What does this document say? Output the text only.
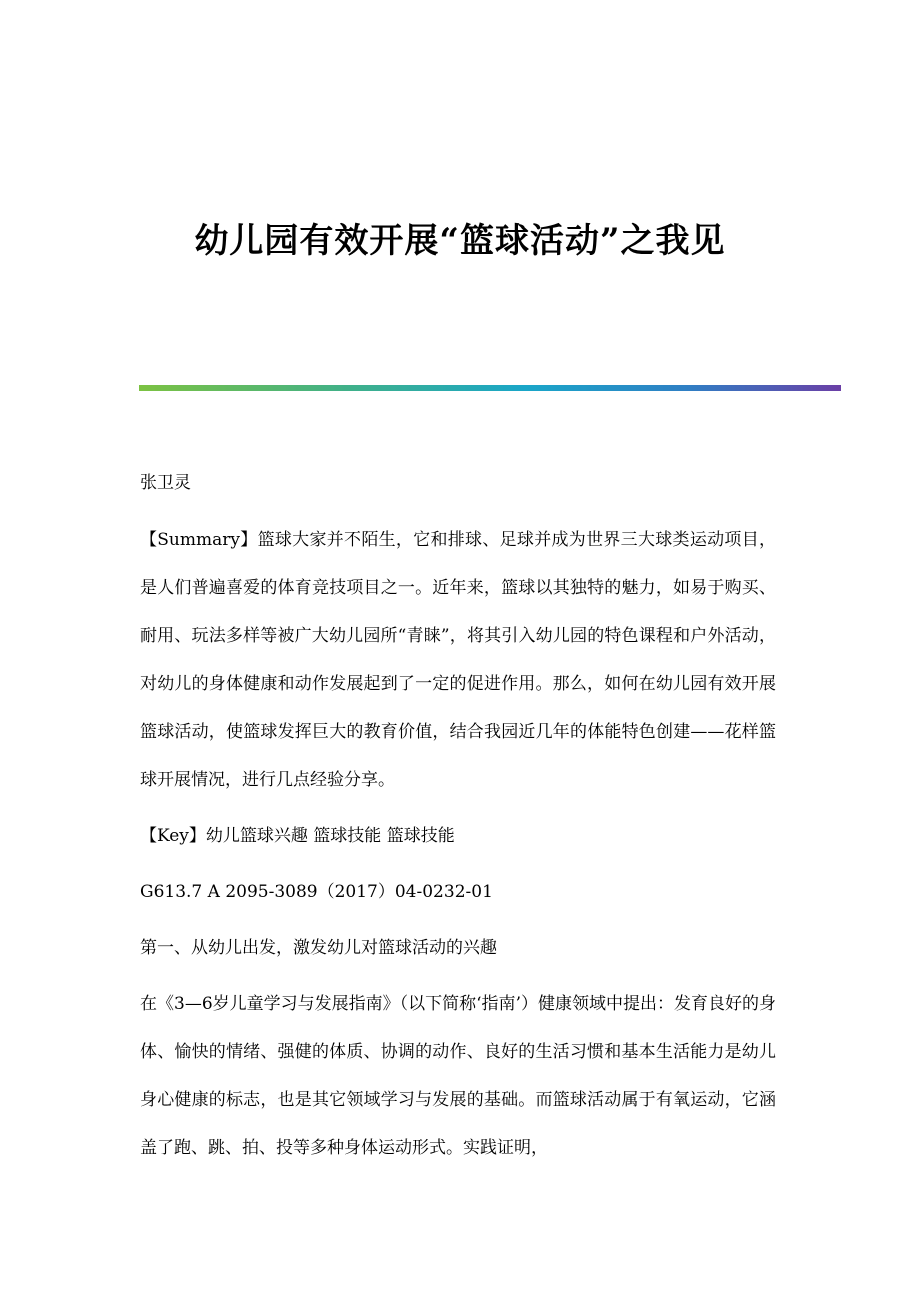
幼儿园有效开展“篮球活动”之我见

张卫灵

【Summary】篮球大家并不陌生，它和排球、足球并成为世界三大球类运动项目，是人们普遍喜爱的体育竞技项目之一。近年来，篮球以其独特的魅力，如易于购买、耐用、玩法多样等被广大幼儿园所“青睐”，将其引入幼儿园的特色课程和户外活动，对幼儿的身体健康和动作发展起到了一定的促进作用。那么，如何在幼儿园有效开展篮球活动，使篮球发挥巨大的教育价值，结合我园近几年的体能特色创建——花样篮球开展情况，进行几点经验分享。

【Key】幼儿篮球兴趣 篮球技能 篮球技能

G613.7 A 2095-3089（2017）04-0232-01

第一、从幼儿出发，激发幼儿对篮球活动的兴趣

在《3—6岁儿童学习与发展指南》（以下简称‘指南’）健康领域中提出：发育良好的身体、愉快的情绪、强健的体质、协调的动作、良好的生活习惯和基本生活能力是幼儿身心健康的标志，也是其它领域学习与发展的基础。而篮球活动属于有氧运动，它涵盖了跑、跳、拍、投等多种身体运动形式。实践证明，
